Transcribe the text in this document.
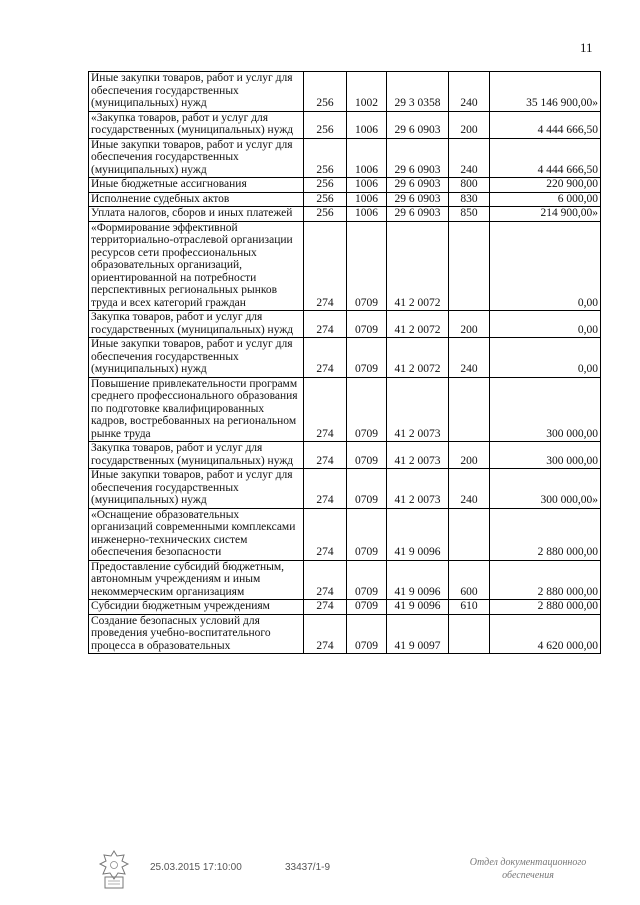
11
Иные закупки товаров, работ и услуг для обеспечения государственных (муниципальных) нужд	256	1002	29 3 0358	240	35 146 900,00»
«Закупка товаров, работ и услуг для государственных (муниципальных) нужд	256	1006	29 6 0903	200	4 444 666,50
Иные закупки товаров, работ и услуг для обеспечения государственных (муниципальных) нужд	256	1006	29 6 0903	240	4 444 666,50
Иные бюджетные ассигнования	256	1006	29 6 0903	800	220 900,00
Исполнение судебных актов	256	1006	29 6 0903	830	6 000,00
Уплата налогов, сборов и иных платежей	256	1006	29 6 0903	850	214 900,00»
«Формирование эффективной территориально-отраслевой организации ресурсов сети профессиональных образовательных организаций, ориентированной на потребности перспективных региональных рынков труда и всех категорий граждан	274	0709	41 2 0072		0,00
Закупка товаров, работ и услуг для государственных (муниципальных) нужд	274	0709	41 2 0072	200	0,00
Иные закупки товаров, работ и услуг для обеспечения государственных (муниципальных) нужд	274	0709	41 2 0072	240	0,00
Повышение привлекательности программ среднего профессионального образования по подготовке квалифицированных кадров, востребованных на региональном рынке труда	274	0709	41 2 0073		300 000,00
Закупка товаров, работ и услуг для государственных (муниципальных) нужд	274	0709	41 2 0073	200	300 000,00
Иные закупки товаров, работ и услуг для обеспечения государственных (муниципальных) нужд	274	0709	41 2 0073	240	300 000,00»
«Оснащение образовательных организаций современными комплексами инженерно-технических систем обеспечения безопасности	274	0709	41 9 0096		2 880 000,00
Предоставление субсидий бюджетным, автономным учреждениям и иным некоммерческим организациям	274	0709	41 9 0096	600	2 880 000,00
Субсидии бюджетным учреждениям	274	0709	41 9 0096	610	2 880 000,00
Создание безопасных условий для проведения учебно-воспитательного процесса в образовательных	274	0709	41 9 0097		4 620 000,00
25.03.2015 17:10:00	33437/1-9	Отдел документационного
обеспечения
